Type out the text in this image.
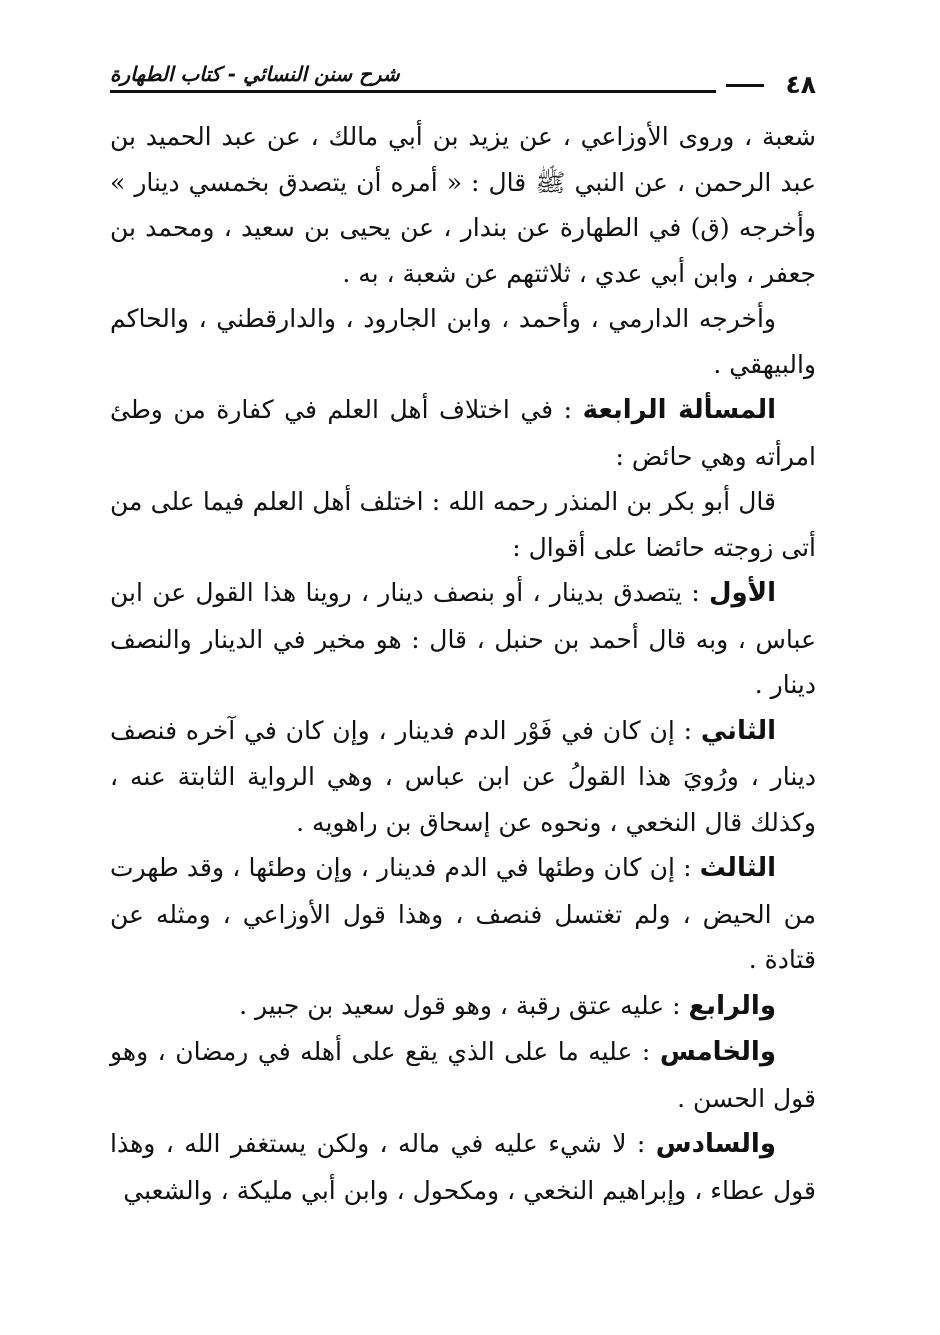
٤٨
شرح سنن النسائي - كتاب الطهارة

شعبة ، وروى الأوزاعي ، عن يزيد بن أبي مالك ، عن عبد الحميد بن عبد الرحمن ، عن النبي ﷺ قال : « أمره أن يتصدق بخمسي دينار » وأخرجه (ق) في الطهارة عن بندار ، عن يحيى بن سعيد ، ومحمد بن جعفر ، وابن أبي عدي ، ثلاثتهم عن شعبة ، به .

وأخرجه الدارمي ، وأحمد ، وابن الجارود ، والدارقطني ، والحاكم والبيهقي .

المسألة الرابعة : في اختلاف أهل العلم في كفارة من وطئ امرأته وهي حائض :

قال أبو بكر بن المنذر رحمه الله : اختلف أهل العلم فيما على من أتى زوجته حائضا على أقوال :

الأول : يتصدق بدينار ، أو بنصف دينار ، روينا هذا القول عن ابن عباس ، وبه قال أحمد بن حنبل ، قال : هو مخير في الدينار والنصف دينار .

الثاني : إن كان في فَوْر الدم فدينار ، وإن كان في آخره فنصف دينار ، ورُويَ هذا القولُ عن ابن عباس ، وهي الرواية الثابتة عنه ، وكذلك قال النخعي ، ونحوه عن إسحاق بن راهويه .

الثالث : إن كان وطئها في الدم فدينار ، وإن وطئها ، وقد طهرت من الحيض ، ولم تغتسل فنصف ، وهذا قول الأوزاعي ، ومثله عن قتادة .

والرابع : عليه عتق رقبة ، وهو قول سعيد بن جبير .

والخامس : عليه ما على الذي يقع على أهله في رمضان ، وهو قول الحسن .

والسادس : لا شيء عليه في ماله ، ولكن يستغفر الله ، وهذا قول عطاء ، وإبراهيم النخعي ، ومكحول ، وابن أبي مليكة ، والشعبي
